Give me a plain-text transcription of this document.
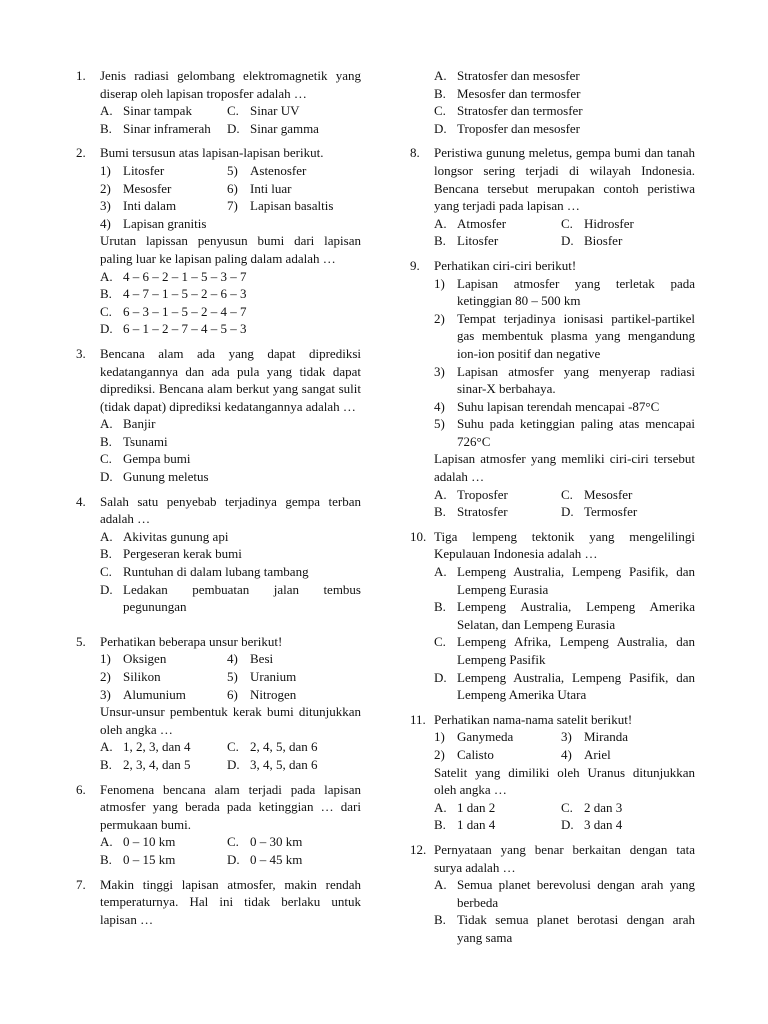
1.	Jenis radiasi gelombang elektromagnetik yang diserap oleh lapisan troposfer adalah …
A. Sinar tampak	C. Sinar UV
B. Sinar inframerah	D. Sinar gamma
2.	Bumi tersusun atas lapisan-lapisan berikut.
1) Litosfer	5) Astenosfer
2) Mesosfer	6) Inti luar
3) Inti dalam	7) Lapisan basaltis
4) Lapisan granitis
Urutan lapissan penyusun bumi dari lapisan paling luar ke lapisan paling dalam adalah …
A. 4 – 6 – 2 – 1 – 5 – 3 – 7
B. 4 – 7 – 1 – 5 – 2 – 6 – 3
C. 6 – 3 – 1 – 5 – 2 – 4 – 7
D. 6 – 1 – 2 – 7 – 4 – 5 – 3
3.	Bencana alam ada yang dapat diprediksi kedatangannya dan ada pula yang tidak dapat diprediksi. Bencana alam berkut yang sangat sulit (tidak dapat) diprediksi kedatangannya adalah …
A. Banjir
B. Tsunami
C. Gempa bumi
D. Gunung meletus
4.	Salah satu penyebab terjadinya gempa terban adalah …
A. Akivitas gunung api
B. Pergeseran kerak bumi
C. Runtuhan di dalam lubang tambang
D. Ledakan pembuatan jalan tembus pegunungan
5.	Perhatikan beberapa unsur berikut!
1) Oksigen	4) Besi
2) Silikon	5) Uranium
3) Alumunium	6) Nitrogen
Unsur-unsur pembentuk kerak bumi ditunjukkan oleh angka …
A. 1, 2, 3, dan 4	C. 2, 4, 5, dan 6
B. 2, 3, 4, dan 5	D. 3, 4, 5, dan 6
6.	Fenomena bencana alam terjadi pada lapisan atmosfer yang berada pada ketinggian … dari permukaan bumi.
A. 0 – 10 km	C. 0 – 30 km
B. 0 – 15 km	D. 0 – 45 km
7.	Makin tinggi lapisan atmosfer, makin rendah temperaturnya. Hal ini tidak berlaku untuk lapisan …
A. Stratosfer dan mesosfer
B. Mesosfer dan termosfer
C. Stratosfer dan termosfer
D. Troposfer dan mesosfer
8.	Peristiwa gunung meletus, gempa bumi dan tanah longsor sering terjadi di wilayah Indonesia. Bencana tersebut merupakan contoh peristiwa yang terjadi pada lapisan …
A. Atmosfer	C. Hidrosfer
B. Litosfer	D. Biosfer
9.	Perhatikan ciri-ciri berikut!
1) Lapisan atmosfer yang terletak pada ketinggian 80 – 500 km
2) Tempat terjadinya ionisasi partikel-partikel gas membentuk plasma yang mengandung ion-ion positif dan negative
3) Lapisan atmosfer yang menyerap radiasi sinar-X berbahaya.
4) Suhu lapisan terendah mencapai -87°C
5) Suhu pada ketinggian paling atas mencapai 726°C
Lapisan atmosfer yang memliki ciri-ciri tersebut adalah …
A. Troposfer	C. Mesosfer
B. Stratosfer	D. Termosfer
10. Tiga lempeng tektonik yang mengelilingi Kepulauan Indonesia adalah …
A. Lempeng Australia, Lempeng Pasifik, dan Lempeng Eurasia
B. Lempeng Australia, Lempeng Amerika Selatan, dan Lempeng Eurasia
C. Lempeng Afrika, Lempeng Australia, dan Lempeng Pasifik
D. Lempeng Australia, Lempeng Pasifik, dan Lempeng Amerika Utara
11. Perhatikan nama-nama satelit berikut!
1) Ganymeda	3) Miranda
2) Calisto	4) Ariel
Satelit yang dimiliki oleh Uranus ditunjukkan oleh angka …
A. 1 dan 2	C. 2 dan 3
B. 1 dan 4	D. 3 dan 4
12. Pernyataan yang benar berkaitan dengan tata surya adalah …
A. Semua planet berevolusi dengan arah yang berbeda
B. Tidak semua planet berotasi dengan arah yang sama
